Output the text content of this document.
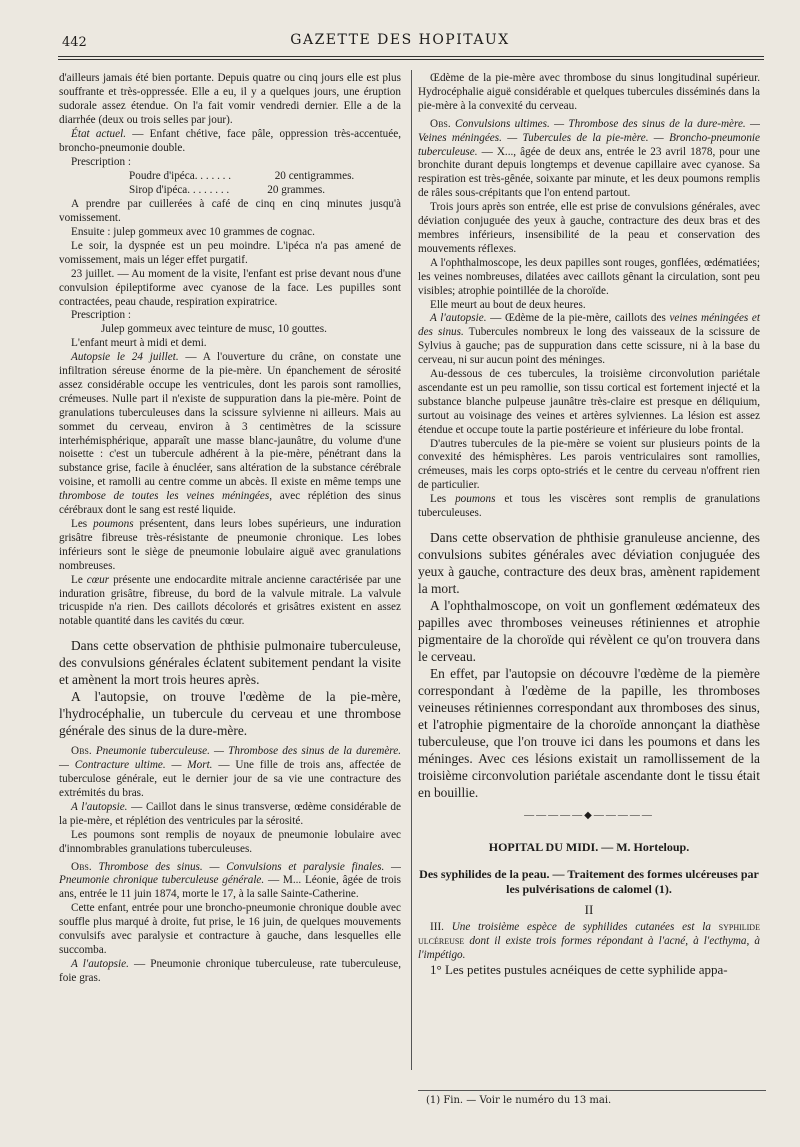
442	GAZETTE DES HOPITAUX

d'ailleurs jamais été bien portante. Depuis quatre ou cinq jours elle est plus souffrante et très-oppressée. Elle a eu, il y a quelques jours, une éruption sudorale assez étendue. On l'a fait vomir vendredi dernier. Elle a de la diarrhée (deux ou trois selles par jour).

État actuel. — Enfant chétive, face pâle, oppression très-accentuée, broncho-pneumonie double.

Prescription :

Poudre d'ipéca . . . . . . .	20 centigrammes.
Sirop d'ipéca . . . . . . . .	20 grammes.

A prendre par cuillerées à café de cinq en cinq minutes jusqu'à vomissement.

Ensuite : julep gommeux avec 10 grammes de cognac.

Le soir, la dyspnée est un peu moindre. L'ipéca n'a pas amené de vomissement, mais un léger effet purgatif.

23 juillet. — Au moment de la visite, l'enfant est prise devant nous d'une convulsion épileptiforme avec cyanose de la face. Les pupilles sont contractées, peau chaude, respiration expiratrice.

Prescription :

Julep gommeux avec teinture de musc, 10 gouttes.

L'enfant meurt à midi et demi.

Autopsie le 24 juillet. — A l'ouverture du crâne, on constate une infiltration séreuse énorme de la pie-mère. Un épanchement de sérosité assez considérable occupe les ventricules, dont les parois sont ramollies, crémeuses. Nulle part il n'existe de suppuration dans la pie-mère. Point de granulations tuberculeuses dans la scissure sylvienne ni ailleurs. Mais au sommet du cerveau, environ à 3 centimètres de la scissure interhémisphérique, apparaît une masse blanc-jaunâtre, du volume d'une noisette : c'est un tubercule adhérent à la pie-mère, pénétrant dans la substance grise, facile à énucléer, sans altération de la substance cérébrale voisine, et ramolli au centre comme un abcès. Il existe en même temps une thrombose de toutes les veines méningées, avec réplétion des sinus cérébraux dont le sang est resté liquide.

Les poumons présentent, dans leurs lobes supérieurs, une induration grisâtre fibreuse très-résistante de pneumonie chronique. Les lobes inférieurs sont le siège de pneumonie lobulaire aiguë avec granulations nombreuses.

Le cœur présente une endocardite mitrale ancienne caractérisée par une induration grisâtre, fibreuse, du bord de la valvule mitrale. La valvule tricuspide n'a rien. Des caillots décolorés et grisâtres existent en assez notable quantité dans les cavités du cœur.

Dans cette observation de phthisie pulmonaire tuberculeuse, des convulsions générales éclatent subitement pendant la visite et amènent la mort trois heures après.

A l'autopsie, on trouve l'œdème de la pie-mère, l'hydrocéphalie, un tubercule du cerveau et une thrombose générale des sinus de la dure-mère.

Obs. Pneumonie tuberculeuse. — Thrombose des sinus de la duremère. — Contracture ultime. — Mort. — Une fille de trois ans, affectée de tuberculose générale, eut le dernier jour de sa vie une contracture des extrémités du bras.

A l'autopsie. — Caillot dans le sinus transverse, œdème considérable de la pie-mère, et réplétion des ventricules par la sérosité.

Les poumons sont remplis de noyaux de pneumonie lobulaire avec d'innombrables granulations tuberculeuses.

Obs. Thrombose des sinus. — Convulsions et paralysie finales. — Pneumonie chronique tuberculeuse générale. — M... Léonie, âgée de trois ans, entrée le 11 juin 1874, morte le 17, à la salle Sainte-Catherine.

Cette enfant, entrée pour une broncho-pneumonie chronique double avec souffle plus marqué à droite, fut prise, le 16 juin, de quelques mouvements convulsifs avec paralysie et contracture à gauche, dans lesquelles elle succomba.

A l'autopsie. — Pneumonie chronique tuberculeuse, rate tuberculeuse, foie gras.

Œdème de la pie-mère avec thrombose du sinus longitudinal supérieur. Hydrocéphalie aiguë considérable et quelques tubercules disséminés dans la pie-mère à la convexité du cerveau.

Obs. Convulsions ultimes. — Thrombose des sinus de la dure-mère. — Veines méningées. — Tubercules de la pie-mère. — Broncho-pneumonie tuberculeuse. — X..., âgée de deux ans, entrée le 23 avril 1878, pour une bronchite durant depuis longtemps et devenue capillaire avec cyanose. Sa respiration est très-gênée, soixante par minute, et les deux poumons remplis de râles sous-crépitants que l'on entend partout.

Trois jours après son entrée, elle est prise de convulsions générales, avec déviation conjuguée des yeux à gauche, contracture des deux bras et des membres inférieurs, insensibilité de la peau et conservation des mouvements réflexes.

A l'ophthalmoscope, les deux papilles sont rouges, gonflées, œdématiées; les veines nombreuses, dilatées avec caillots gênant la circulation, sont peu visibles; atrophie pointillée de la choroïde.

Elle meurt au bout de deux heures.

A l'autopsie. — Œdème de la pie-mère, caillots des veines méningées et des sinus. Tubercules nombreux le long des vaisseaux de la scissure de Sylvius à gauche; pas de suppuration dans cette scissure, ni à la base du cerveau, ni sur aucun point des méninges.

Au-dessous de ces tubercules, la troisième circonvolution pariétale ascendante est un peu ramollie, son tissu cortical est fortement injecté et la substance blanche pulpeuse jaunâtre très-claire est presque en déliquium, surtout au voisinage des veines et artères sylviennes. La lésion est assez étendue et occupe toute la partie postérieure et inférieure du lobe frontal.

D'autres tubercules de la pie-mère se voient sur plusieurs points de la convexité des hémisphères. Les parois ventriculaires sont ramollies, crémeuses, mais les corps opto-striés et le centre du cerveau n'offrent rien de particulier.

Les poumons et tous les viscères sont remplis de granulations tuberculeuses.

Dans cette observation de phthisie granuleuse ancienne, des convulsions subites générales avec déviation conjuguée des yeux à gauche, contracture des deux bras, amènent rapidement la mort.

A l'ophthalmoscope, on voit un gonflement œdémateux des papilles avec thromboses veineuses rétiniennes et atrophie pigmentaire de la choroïde qui révèlent ce qu'on trouvera dans le cerveau.

En effet, par l'autopsie on découvre l'œdème de la piemère correspondant à l'œdème de la papille, les thromboses veineuses rétiniennes correspondant aux thromboses des sinus, et l'atrophie pigmentaire de la choroïde annonçant la diathèse tuberculeuse, que l'on trouve ici dans les poumons et dans les méninges. Avec ces lésions existait un ramollissement de la troisième circonvolution pariétale ascendante dont le tissu était en bouillie.

—————◆—————
HOPITAL DU MIDI. — M. Horteloup.
Des syphilides de la peau. — Traitement des formes ulcéreuses par les pulvérisations de calomel (1).
II

III. Une troisième espèce de syphilides cutanées est la syphilide ulcéreuse dont il existe trois formes répondant à l'acné, à l'ecthyma, à l'impétigo.

1° Les petites pustules acnéiques de cette syphilide appa-

(1) Fin. — Voir le numéro du 13 mai.
